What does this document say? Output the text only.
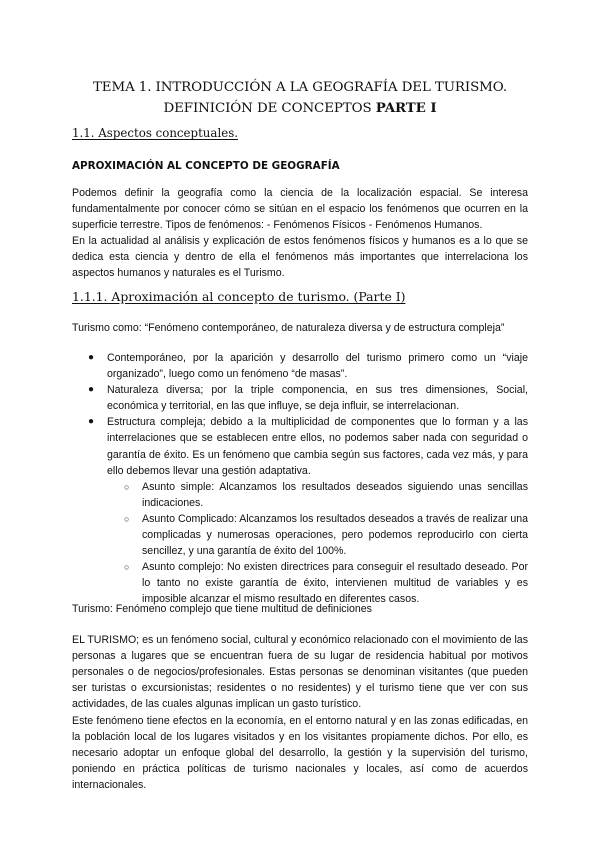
TEMA 1. INTRODUCCIÓN A LA GEOGRAFÍA DEL TURISMO.
DEFINICIÓN DE CONCEPTOS PARTE I
1.1. Aspectos conceptuales.
APROXIMACIÓN AL CONCEPTO DE GEOGRAFÍA

Podemos definir la geografía como la ciencia de la localización espacial. Se interesa fundamentalmente por conocer cómo se sitúan en el espacio los fenómenos que ocurren en la superficie terrestre. Tipos de fenómenos: - Fenómenos Físicos - Fenómenos Humanos.

En la actualidad al análisis y explicación de estos fenómenos físicos y humanos es a lo que se dedica esta ciencia y dentro de ella el fenómenos más importantes que interrelaciona los aspectos humanos y naturales es el Turismo.

1.1.1. Aproximación al concepto de turismo. (Parte I)

Turismo como: “Fenómeno contemporáneo, de naturaleza diversa y de estructura compleja”

● Contemporáneo, por la aparición y desarrollo del turismo primero como un “viaje organizado”, luego como un fenómeno “de masas”.
● Naturaleza diversa; por la triple componencia, en sus tres dimensiones, Social, económica y territorial, en las que influye, se deja influir, se interrelacionan.
● Estructura compleja; debido a la multiplicidad de componentes que lo forman y a las interrelaciones que se establecen entre ellos, no podemos saber nada con seguridad o garantía de éxito. Es un fenómeno que cambia según sus factores, cada vez más, y para ello debemos llevar una gestión adaptativa.
○ Asunto simple: Alcanzamos los resultados deseados siguiendo unas sencillas indicaciones.
○ Asunto Complicado: Alcanzamos los resultados deseados a través de realizar una complicadas y numerosas operaciones, pero podemos reproducirlo con cierta sencillez, y una garantía de éxito del 100%.
○ Asunto complejo: No existen directrices para conseguir el resultado deseado. Por lo tanto no existe garantía de éxito, intervienen multitud de variables y es imposible alcanzar el mismo resultado en diferentes casos.

Turismo: Fenómeno complejo que tiene multitud de definiciones

EL TURISMO; es un fenómeno social, cultural y económico relacionado con el movimiento de las personas a lugares que se encuentran fuera de su lugar de residencia habitual por motivos personales o de negocios/profesionales. Estas personas se denominan visitantes (que pueden ser turistas o excursionistas; residentes o no residentes) y el turismo tiene que ver con sus actividades, de las cuales algunas implican un gasto turístico.

Este fenómeno tiene efectos en la economía, en el entorno natural y en las zonas edificadas, en la población local de los lugares visitados y en los visitantes propiamente dichos. Por ello, es necesario adoptar un enfoque global del desarrollo, la gestión y la supervisión del turismo, poniendo en práctica políticas de turismo nacionales y locales, así como de acuerdos internacionales.
